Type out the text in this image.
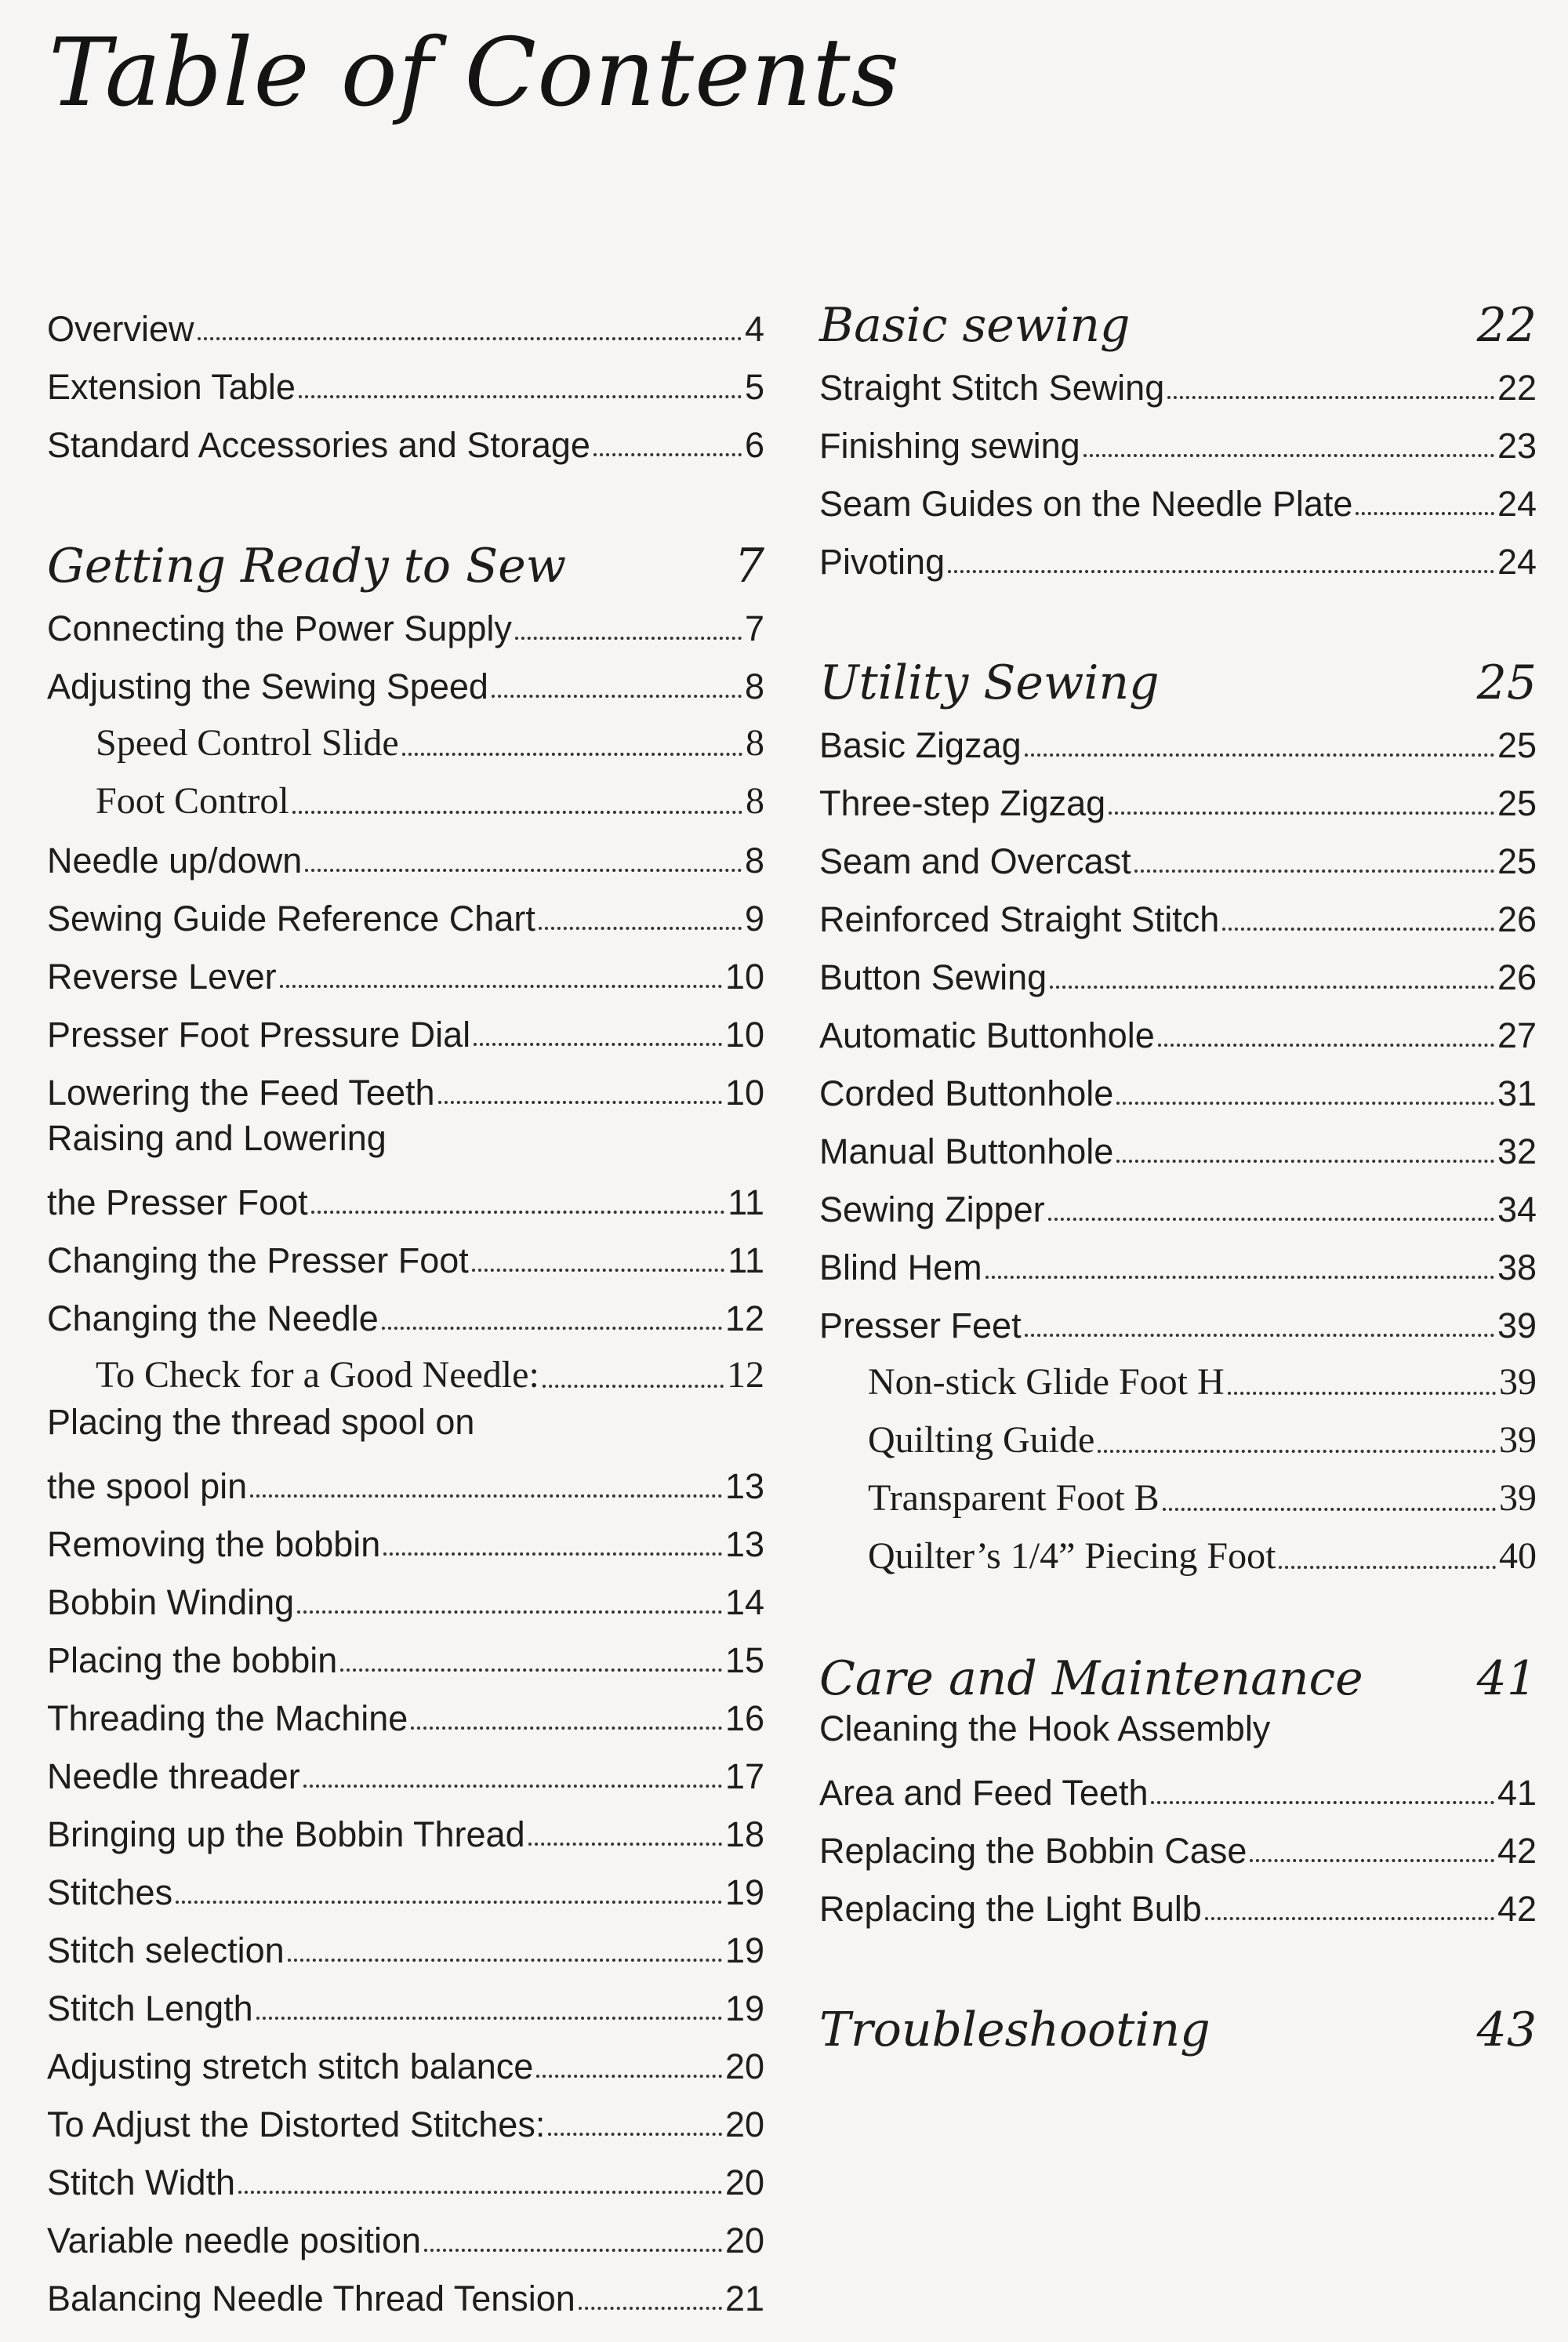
Table of Contents
Overview	4
Extension Table	5
Standard Accessories and Storage	6
Getting Ready to Sew	7
Connecting the Power Supply	7
Adjusting the Sewing Speed	8
Speed Control Slide	8
Foot Control	8
Needle up/down	8
Sewing Guide Reference Chart	9
Reverse Lever	10
Presser Foot Pressure Dial	10
Lowering the Feed Teeth	10
Raising and Lowering
the Presser Foot	11
Changing the Presser Foot	11
Changing the Needle	12
To Check for a Good Needle:	12
Placing the thread spool on
the spool pin	13
Removing the bobbin	13
Bobbin Winding	14
Placing the bobbin	15
Threading the Machine	16
Needle threader	17
Bringing up the Bobbin Thread	18
Stitches	19
Stitch selection	19
Stitch Length	19
Adjusting stretch stitch balance	20
To Adjust the Distorted Stitches:	20
Stitch Width	20
Variable needle position	20
Balancing Needle Thread Tension	21
Basic sewing	22
Straight Stitch Sewing	22
Finishing sewing	23
Seam Guides on the Needle Plate	24
Pivoting	24
Utility Sewing	25
Basic Zigzag	25
Three-step Zigzag	25
Seam and Overcast	25
Reinforced Straight Stitch	26
Button Sewing	26
Automatic Buttonhole	27
Corded Buttonhole	31
Manual Buttonhole	32
Sewing Zipper	34
Blind Hem	38
Presser Feet	39
Non-stick Glide Foot H	39
Quilting Guide	39
Transparent Foot B	39
Quilter’s 1/4” Piecing Foot	40
Care and Maintenance 41
Cleaning the Hook Assembly
Area and Feed Teeth	41
Replacing the Bobbin Case	42
Replacing the Light Bulb	42
Troubleshooting	43
